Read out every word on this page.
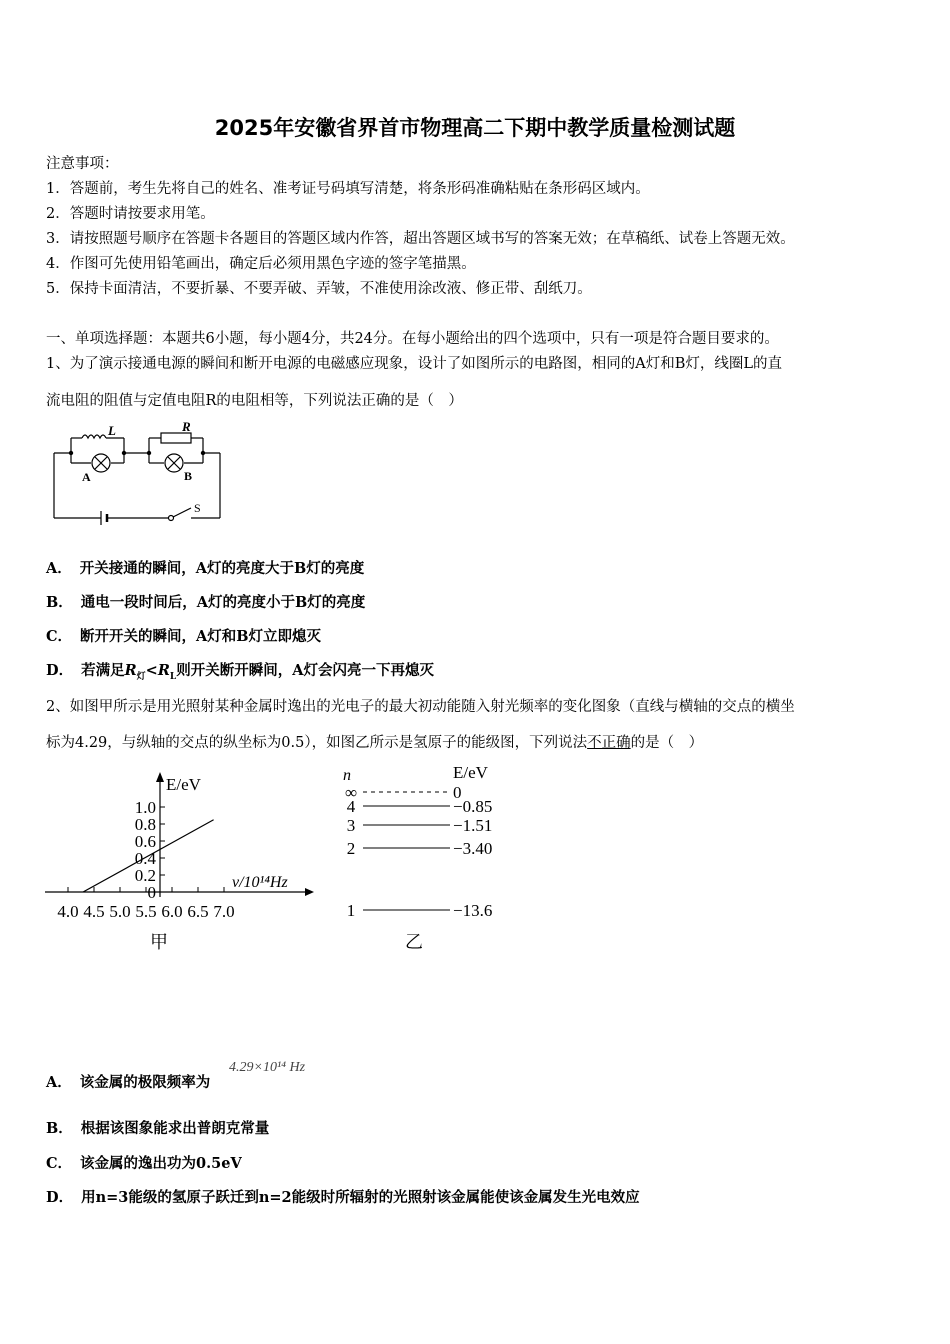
2025年安徽省界首市物理高二下期中教学质量检测试题
注意事项：
1．答题前，考生先将自己的姓名、准考证号码填写清楚，将条形码准确粘贴在条形码区域内。
2．答题时请按要求用笔。
3．请按照题号顺序在答题卡各题目的答题区域内作答，超出答题区域书写的答案无效；在草稿纸、试卷上答题无效。
4．作图可先使用铅笔画出，确定后必须用黑色字迹的签字笔描黑。
5．保持卡面清洁，不要折暴、不要弄破、弄皱，不准使用涂改液、修正带、刮纸刀。
一、单项选择题：本题共6小题，每小题4分，共24分。在每小题给出的四个选项中，只有一项是符合题目要求的。
1、为了演示接通电源的瞬间和断开电源的电磁感应现象，设计了如图所示的电路图，相同的A灯和B灯，线圈L的直
流电阻的阻值与定值电阻R的电阻相等，下列说法正确的是（　）
L	R
A	B
S
A． 开关接通的瞬间，A灯的亮度大于B灯的亮度
B． 通电一段时间后，A灯的亮度小于B灯的亮度
C． 断开开关的瞬间，A灯和B灯立即熄灭
D． 若满足$R_灯<R_L$则开关断开瞬间，A灯会闪亮一下再熄灭
2、如图甲所示是用光照射某种金属时逸出的光电子的最大初动能随入射光频率的变化图象（直线与横轴的交点的横坐
标为4.29，与纵轴的交点的纵坐标为0.5），如图乙所示是氢原子的能级图，下列说法不正确的是（　）
E/eV
ν/10¹⁴Hz
4.0 4.5 5.0 5.5 6.0 6.5 7.0
0
0.2
0.4
0.6
0.8
1.0
甲
n	E/eV
∞	0
4	−0.85
3	−1.51
2	−3.40
1	−13.6
乙
A． 该金属的极限频率为
4.29×10¹⁴ Hz
B． 根据该图象能求出普朗克常量
C． 该金属的逸出功为0.5eV
D． 用n=3能级的氢原子跃迁到n=2能级时所辐射的光照射该金属能使该金属发生光电效应
